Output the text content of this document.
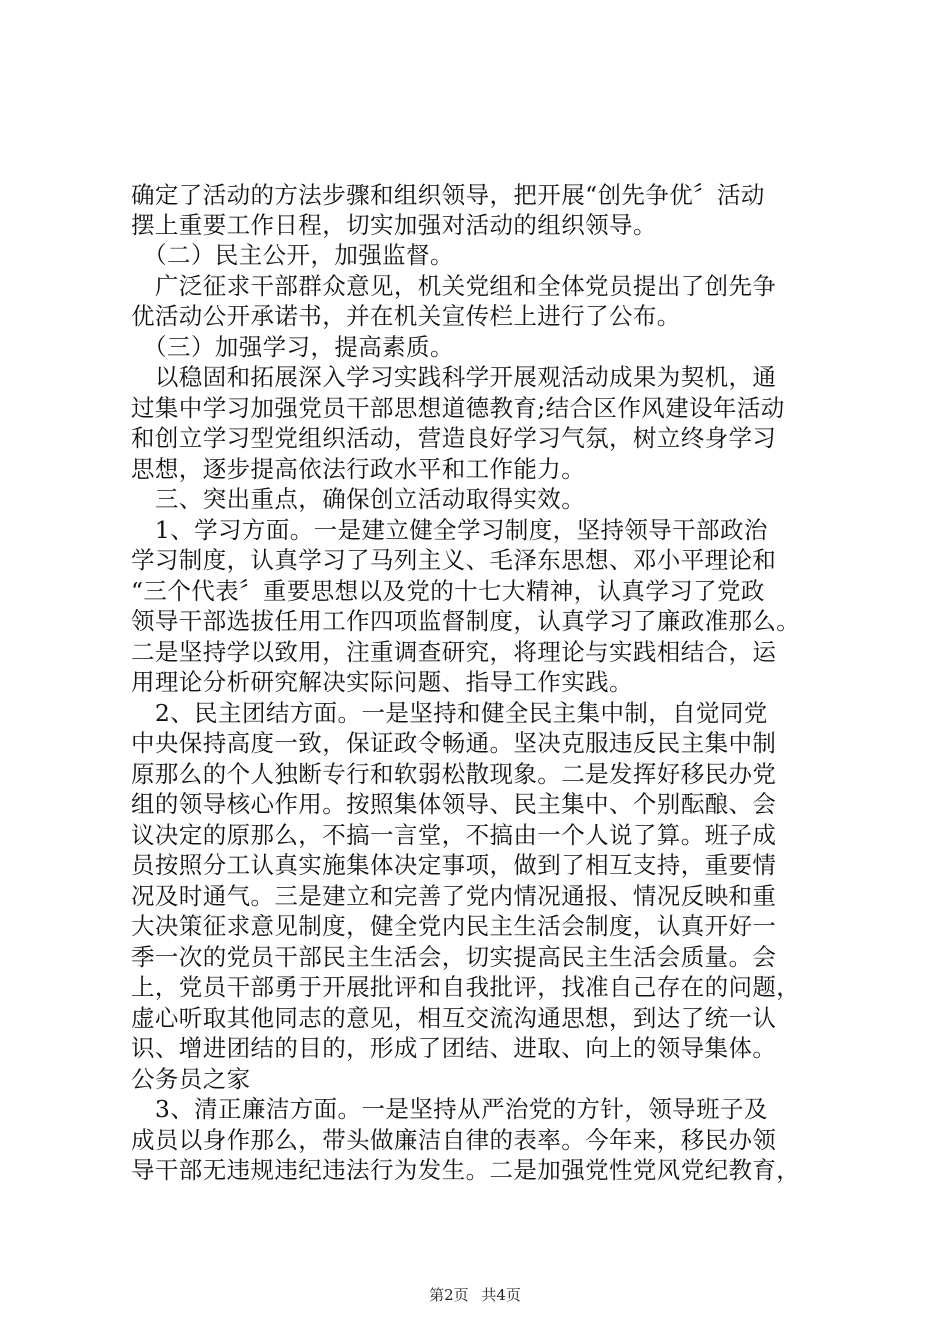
确定了活动的方法步骤和组织领导，把开展“创先争优〞活动
摆上重要工作日程，切实加强对活动的组织领导。
　（二）民主公开，加强监督。
　广泛征求干部群众意见，机关党组和全体党员提出了创先争
优活动公开承诺书，并在机关宣传栏上进行了公布。
　（三）加强学习，提高素质。
　以稳固和拓展深入学习实践科学开展观活动成果为契机，通
过集中学习加强党员干部思想道德教育;结合区作风建设年活动
和创立学习型党组织活动，营造良好学习气氛，树立终身学习
思想，逐步提高依法行政水平和工作能力。
　三、突出重点，确保创立活动取得实效。
　1、学习方面。一是建立健全学习制度，坚持领导干部政治
学习制度，认真学习了马列主义、毛泽东思想、邓小平理论和
“三个代表〞重要思想以及党的十七大精神，认真学习了党政
领导干部选拔任用工作四项监督制度，认真学习了廉政准那么。
二是坚持学以致用，注重调查研究，将理论与实践相结合，运
用理论分析研究解决实际问题、指导工作实践。
　2、民主团结方面。一是坚持和健全民主集中制，自觉同党
中央保持高度一致，保证政令畅通。坚决克服违反民主集中制
原那么的个人独断专行和软弱松散现象。二是发挥好移民办党
组的领导核心作用。按照集体领导、民主集中、个别酝酿、会
议决定的原那么，不搞一言堂，不搞由一个人说了算。班子成
员按照分工认真实施集体决定事项，做到了相互支持，重要情
况及时通气。三是建立和完善了党内情况通报、情况反映和重
大决策征求意见制度，健全党内民主生活会制度，认真开好一
季一次的党员干部民主生活会，切实提高民主生活会质量。会
上，党员干部勇于开展批评和自我批评，找准自己存在的问题，
虚心听取其他同志的意见，相互交流沟通思想，到达了统一认
识、增进团结的目的，形成了团结、进取、向上的领导集体。
公务员之家
　3、清正廉洁方面。一是坚持从严治党的方针，领导班子及
成员以身作那么，带头做廉洁自律的表率。今年来，移民办领
导干部无违规违纪违法行为发生。二是加强党性党风党纪教育，
第2页 共4页
